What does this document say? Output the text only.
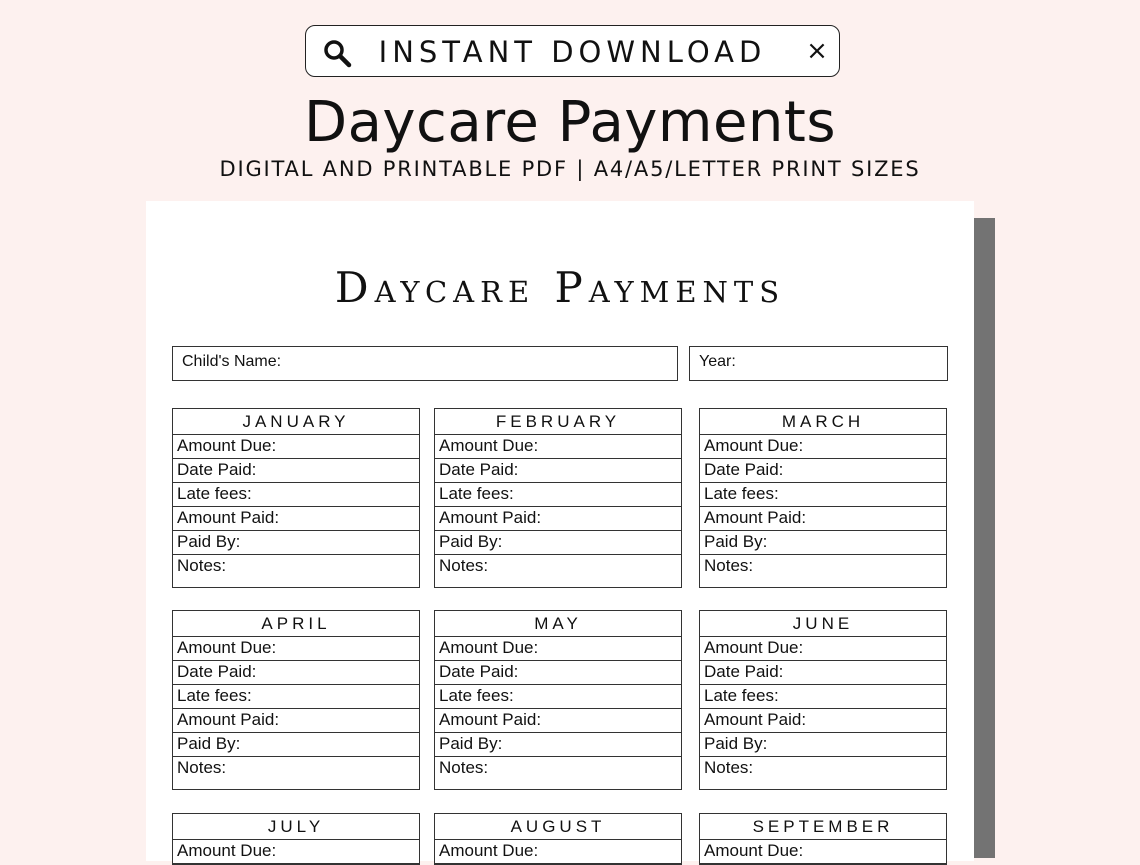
INSTANT DOWNLOAD	×
Daycare Payments
DIGITAL AND PRINTABLE PDF | A4/A5/LETTER PRINT SIZES
Daycare Payments
Child's Name:	Year:
JANUARY
Amount Due:
Date Paid:
Late fees:
Amount Paid:
Paid By:
Notes:
FEBRUARY
Amount Due:
Date Paid:
Late fees:
Amount Paid:
Paid By:
Notes:
MARCH
Amount Due:
Date Paid:
Late fees:
Amount Paid:
Paid By:
Notes:
APRIL
Amount Due:
Date Paid:
Late fees:
Amount Paid:
Paid By:
Notes:
MAY
Amount Due:
Date Paid:
Late fees:
Amount Paid:
Paid By:
Notes:
JUNE
Amount Due:
Date Paid:
Late fees:
Amount Paid:
Paid By:
Notes:
JULY
Amount Due:
AUGUST
Amount Due:
SEPTEMBER
Amount Due:
